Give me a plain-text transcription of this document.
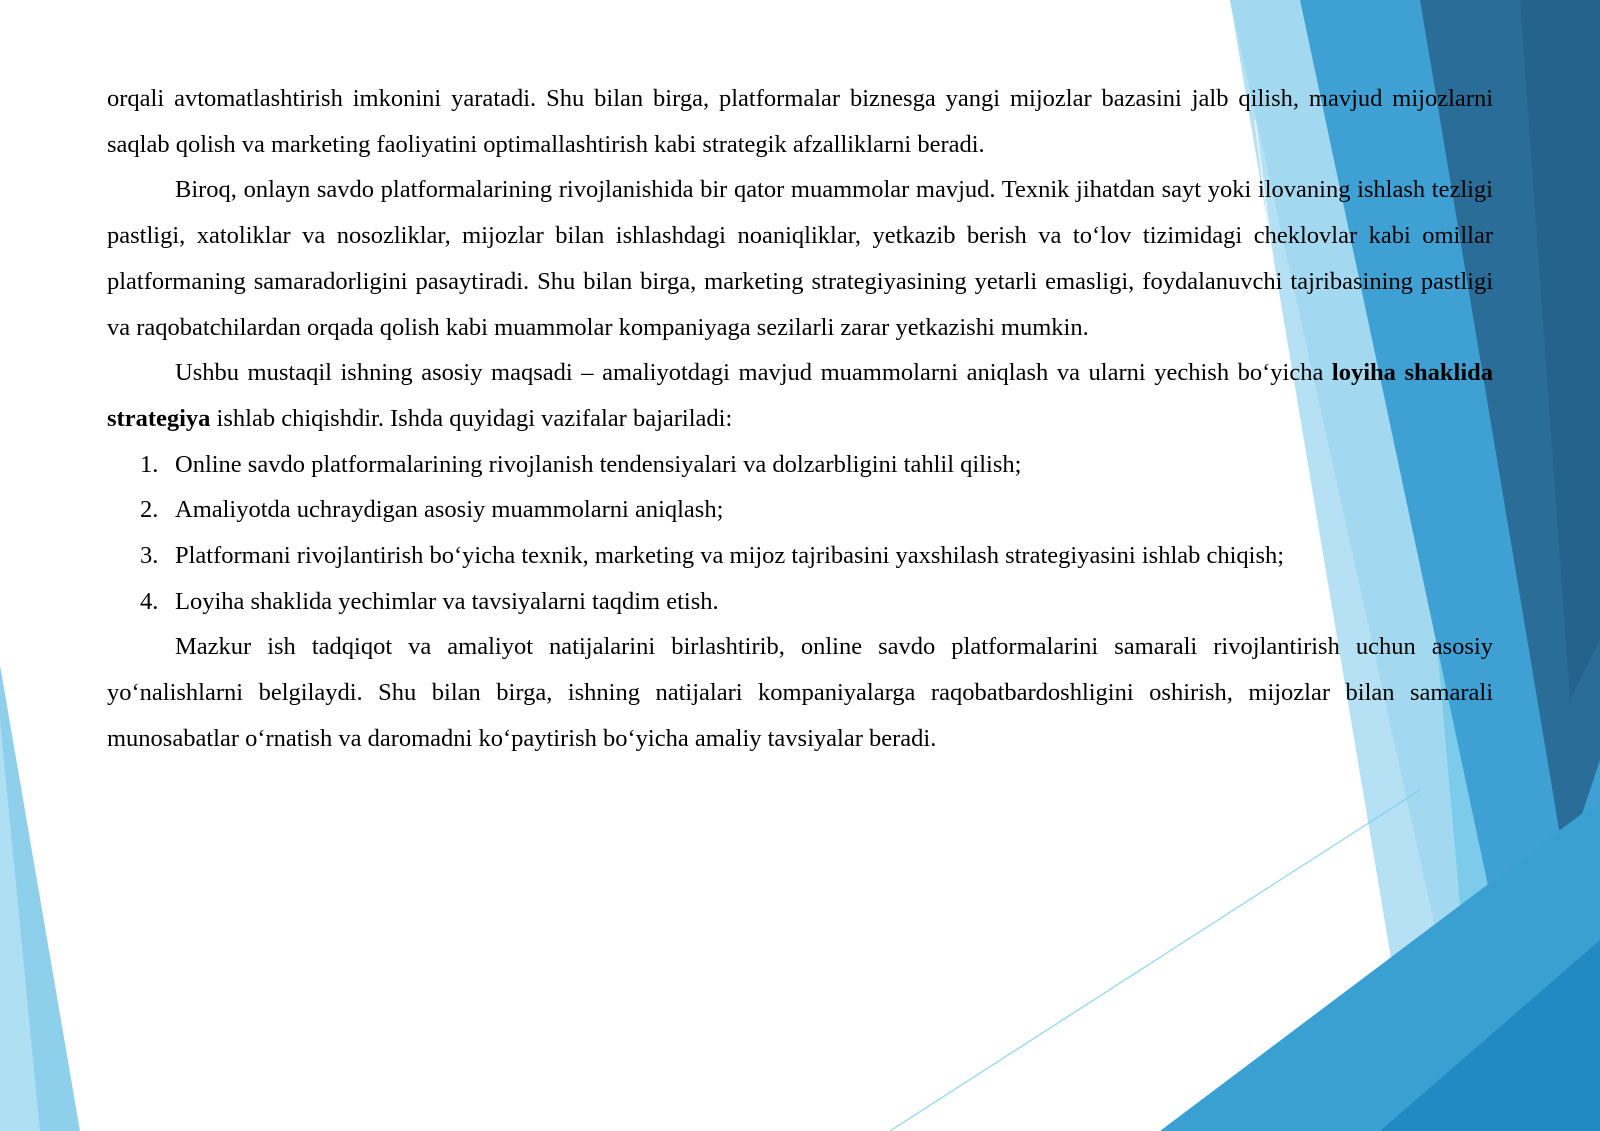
orqali avtomatlashtirish imkonini yaratadi. Shu bilan birga, platformalar biznesga yangi mijozlar bazasini jalb qilish, mavjud mijozlarni saqlab qolish va marketing faoliyatini optimallashtirish kabi strategik afzalliklarni beradi.

Biroq, onlayn savdo platformalarining rivojlanishida bir qator muammolar mavjud. Texnik jihatdan sayt yoki ilovaning ishlash tezligi pastligi, xatoliklar va nosozliklar, mijozlar bilan ishlashdagi noaniqliklar, yetkazib berish va to‘lov tizimidagi cheklovlar kabi omillar platformaning samaradorligini pasaytiradi. Shu bilan birga, marketing strategiyasining yetarli emasligi, foydalanuvchi tajribasining pastligi va raqobatchilardan orqada qolish kabi muammolar kompaniyaga sezilarli zarar yetkazishi mumkin.

Ushbu mustaqil ishning asosiy maqsadi – amaliyotdagi mavjud muammolarni aniqlash va ularni yechish bo‘yicha loyiha shaklida strategiya ishlab chiqishdir. Ishda quyidagi vazifalar bajariladi:

1. Online savdo platformalarining rivojlanish tendensiyalari va dolzarbligini tahlil qilish;
2. Amaliyotda uchraydigan asosiy muammolarni aniqlash;
3. Platformani rivojlantirish bo‘yicha texnik, marketing va mijoz tajribasini yaxshilash strategiyasini ishlab chiqish;
4. Loyiha shaklida yechimlar va tavsiyalarni taqdim etish.

Mazkur ish tadqiqot va amaliyot natijalarini birlashtirib, online savdo platformalarini samarali rivojlantirish uchun asosiy yo‘nalishlarni belgilaydi. Shu bilan birga, ishning natijalari kompaniyalarga raqobatbardoshligini oshirish, mijozlar bilan samarali munosabatlar o‘rnatish va daromadni ko‘paytirish bo‘yicha amaliy tavsiyalar beradi.
